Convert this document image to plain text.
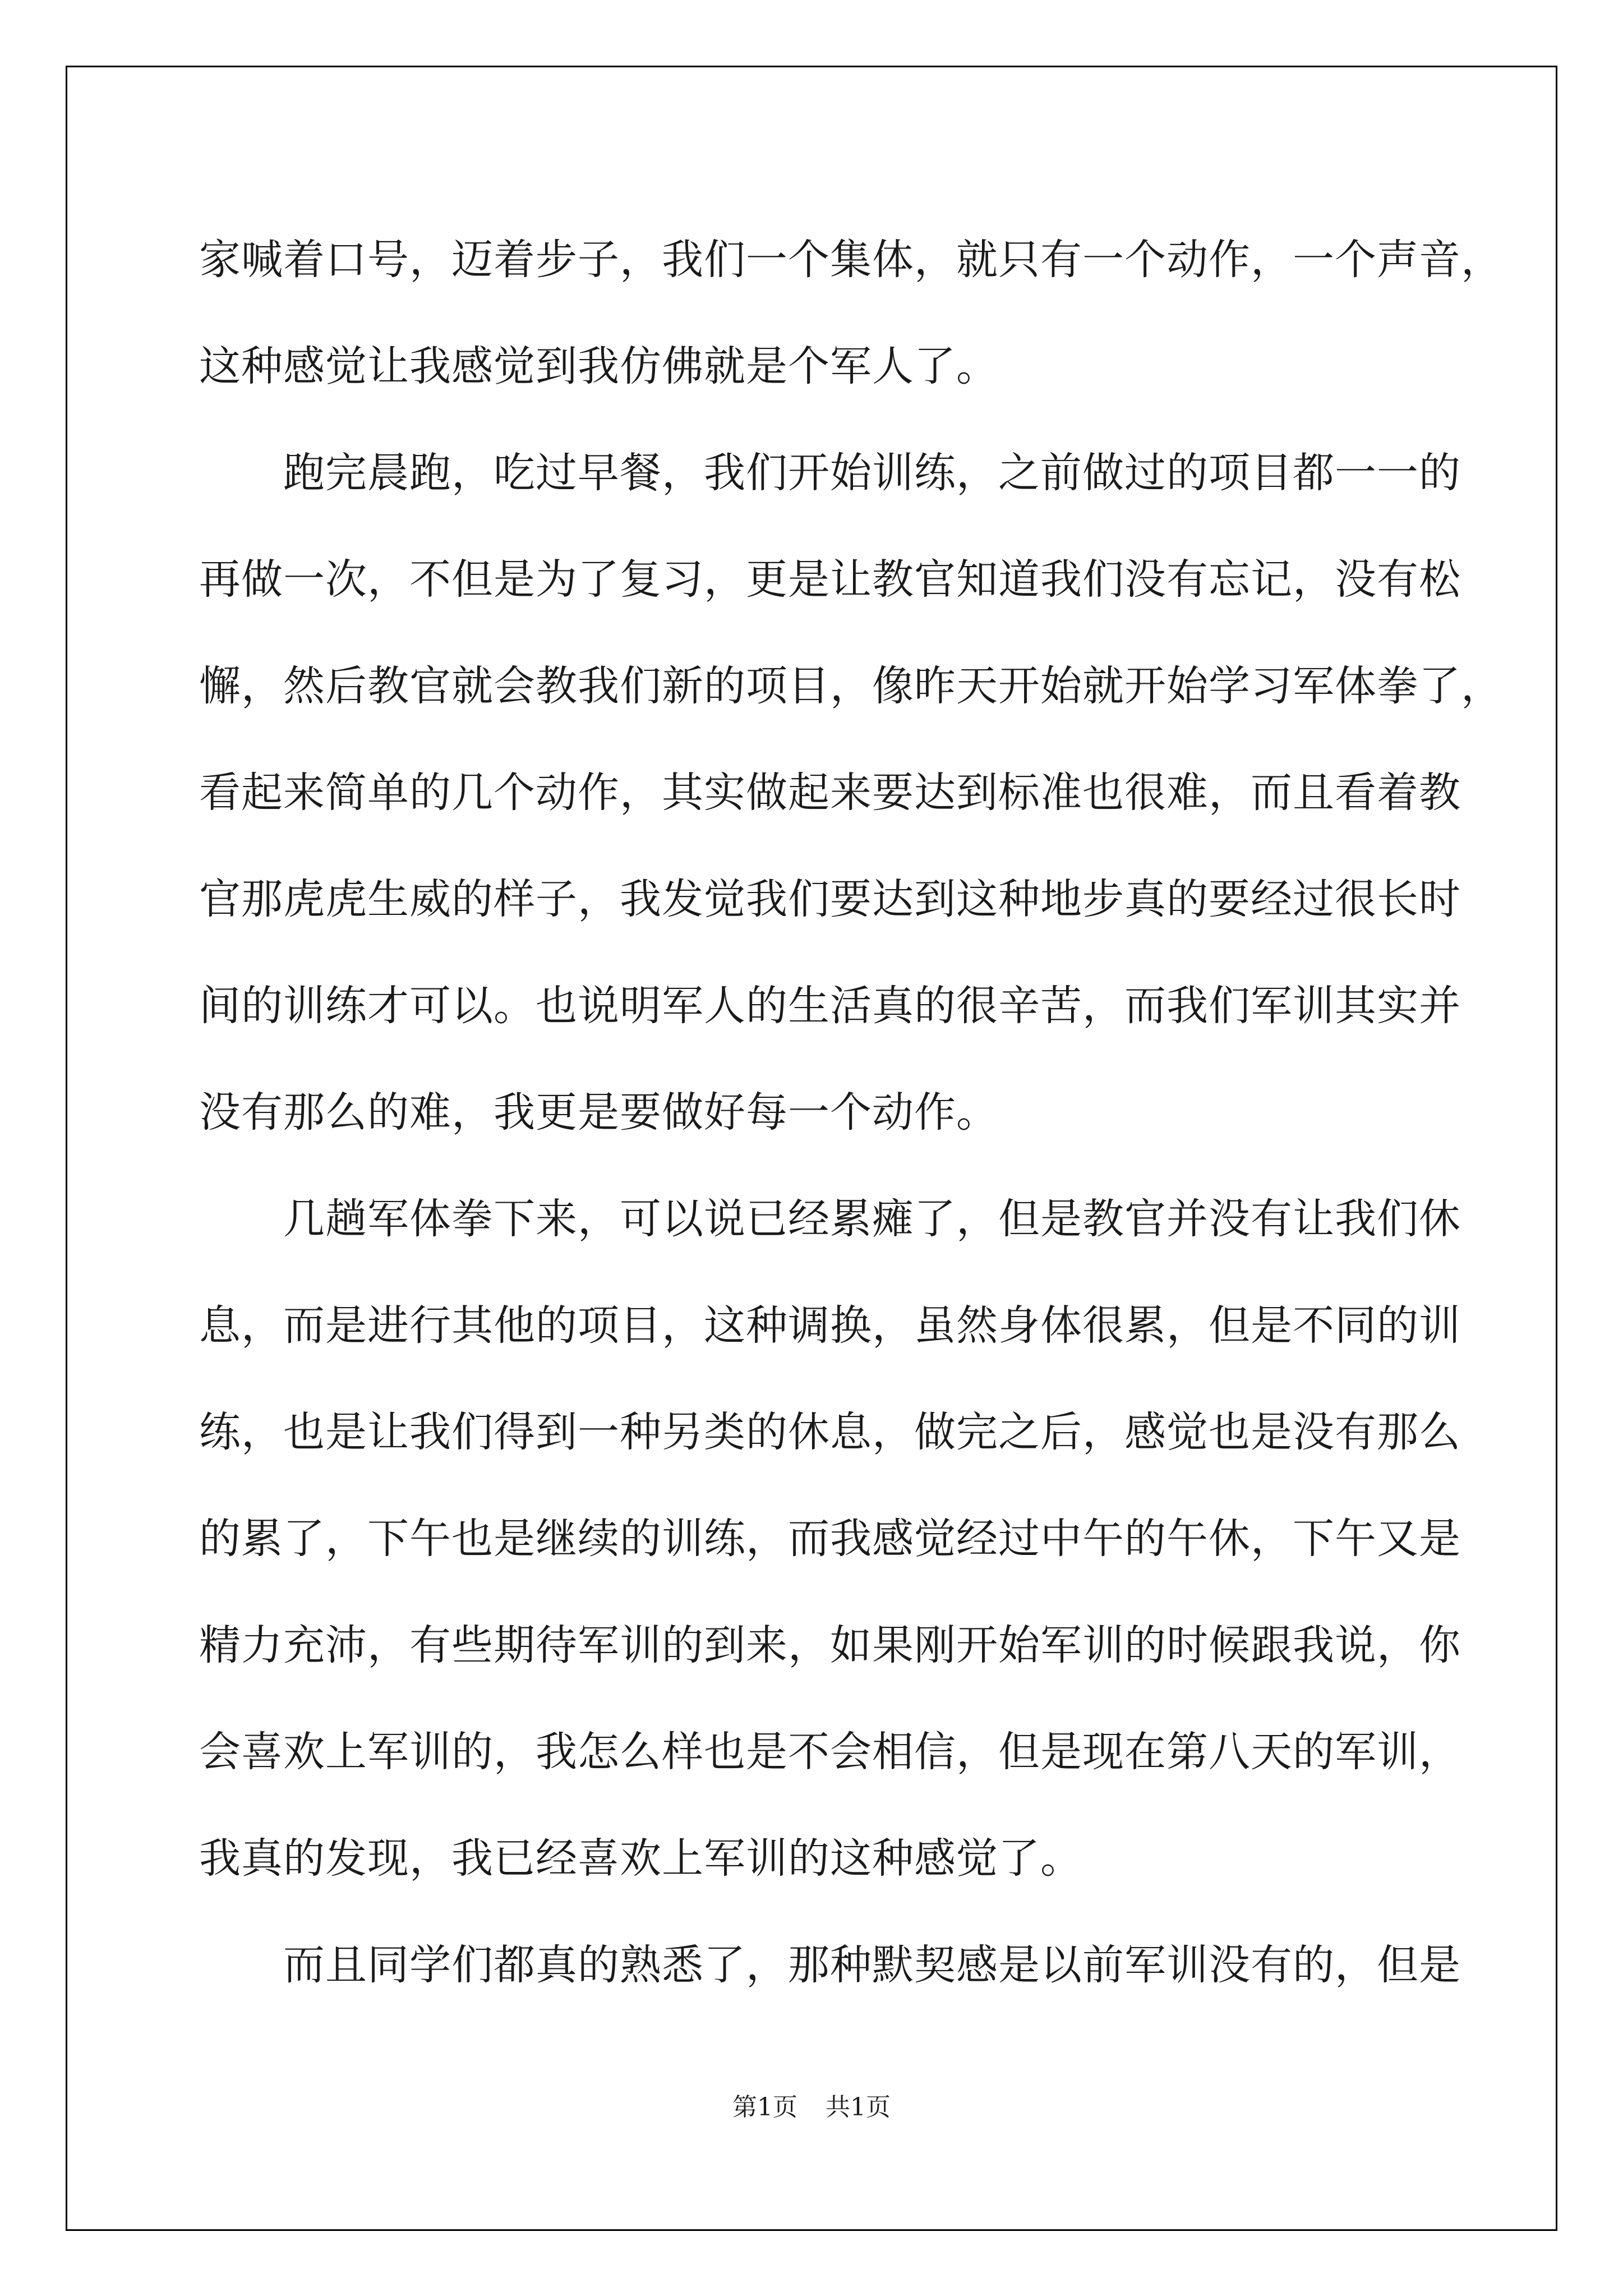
家喊着口号，迈着步子，我们一个集体，就只有一个动作，一个声音，
这种感觉让我感觉到我仿佛就是个军人了。
跑完晨跑，吃过早餐，我们开始训练，之前做过的项目都一一的
再做一次，不但是为了复习，更是让教官知道我们没有忘记，没有松
懈，然后教官就会教我们新的项目，像昨天开始就开始学习军体拳了，
看起来简单的几个动作，其实做起来要达到标准也很难，而且看着教
官那虎虎生威的样子，我发觉我们要达到这种地步真的要经过很长时
间的训练才可以。也说明军人的生活真的很辛苦，而我们军训其实并
没有那么的难，我更是要做好每一个动作。
几趟军体拳下来，可以说已经累瘫了，但是教官并没有让我们休
息，而是进行其他的项目，这种调换，虽然身体很累，但是不同的训
练，也是让我们得到一种另类的休息，做完之后，感觉也是没有那么
的累了，下午也是继续的训练，而我感觉经过中午的午休，下午又是
精力充沛，有些期待军训的到来，如果刚开始军训的时候跟我说，你
会喜欢上军训的，我怎么样也是不会相信，但是现在第八天的军训，
我真的发现，我已经喜欢上军训的这种感觉了。
而且同学们都真的熟悉了，那种默契感是以前军训没有的，但是
第1页 共1页
